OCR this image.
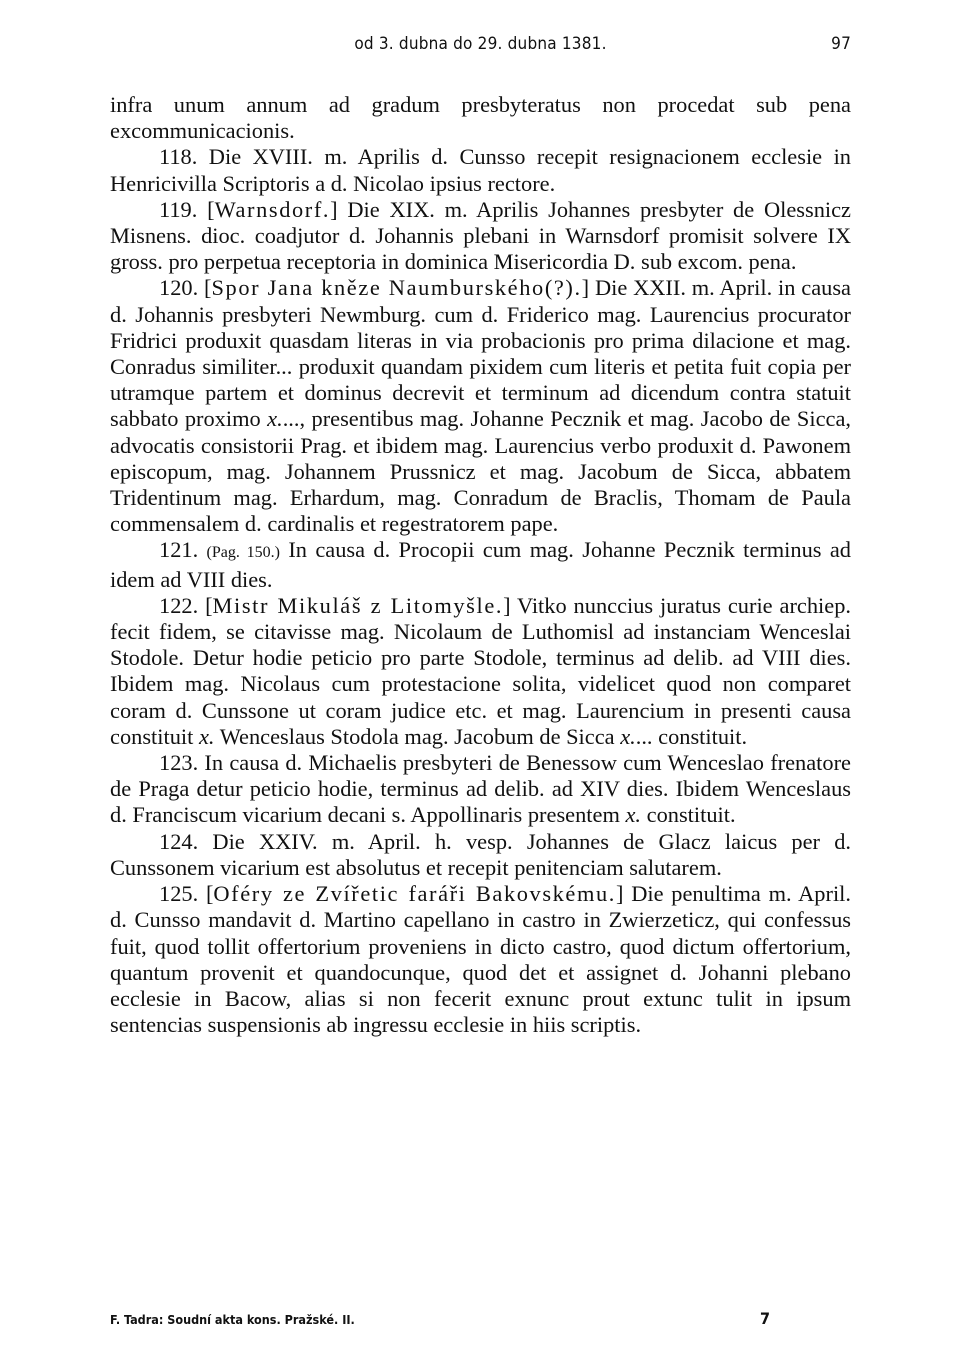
od 3. dubna do 29. dubna 1381.	97

infra unum annum ad gradum presbyteratus non procedat sub pena excommunicacionis.

118. Die XVIII. m. Aprilis d. Cunsso recepit resignacionem ecclesie in Henricivilla Scriptoris a d. Nicolao ipsius rectore.

119. [Warnsdorf.] Die XIX. m. Aprilis Johannes presbyter de Olessnicz Misnens. dioc. coadjutor d. Johannis plebani in Warnsdorf promisit solvere IX gross. pro perpetua receptoria in dominica Misericordia D. sub excom. pena.

120. [Spor Jana kněze Naumburského(?).] Die XXII. m. April. in causa d. Johannis presbyteri Newmburg. cum d. Friderico mag. Laurencius procurator Fridrici produxit quasdam literas in via probacionis pro prima dilacione et mag. Conradus similiter... produxit quandam pixidem cum literis et petita fuit copia per utramque partem et dominus decrevit et terminum ad dicendum contra statuit sabbato proximo x...., presentibus mag. Johanne Pecznik et mag. Jacobo de Sicca, advocatis consistorii Prag. et ibidem mag. Laurencius verbo produxit d. Pawonem episcopum, mag. Johannem Prussnicz et mag. Jacobum de Sicca, abbatem Tridentinum mag. Erhardum, mag. Conradum de Braclis, Thomam de Paula commensalem d. cardinalis et regestratorem pape.

121. (Pag. 150.) In causa d. Procopii cum mag. Johanne Pecznik terminus ad idem ad VIII dies.

122. [Mistr Mikuláš z Litomyšle.] Vitko nunccius juratus curie archiep. fecit fidem, se citavisse mag. Nicolaum de Luthomisl ad instanciam Wenceslai Stodole. Detur hodie peticio pro parte Stodole, terminus ad delib. ad VIII dies. Ibidem mag. Nicolaus cum protestacione solita, videlicet quod non comparet coram d. Cunssone ut coram judice etc. et mag. Laurencium in presenti causa constituit x. Wenceslaus Stodola mag. Jacobum de Sicca x.... constituit.

123. In causa d. Michaelis presbyteri de Benessow cum Wenceslao frenatore de Praga detur peticio hodie, terminus ad delib. ad XIV dies. Ibidem Wenceslaus d. Franciscum vicarium decani s. Appollinaris presentem x. constituit.

124. Die XXIV. m. April. h. vesp. Johannes de Glacz laicus per d. Cunssonem vicarium est absolutus et recepit penitenciam salutarem.

125. [Oféry ze Zvířetic faráři Bakovskému.] Die penultima m. April. d. Cunsso mandavit d. Martino capellano in castro in Zwierzeticz, qui confessus fuit, quod tollit offertorium proveniens in dicto castro, quod dictum offertorium, quantum provenit et quandocunque, quod det et assignet d. Johanni plebano ecclesie in Bacow, alias si non fecerit exnunc prout extunc tulit in ipsum sentencias suspensionis ab ingressu ecclesie in hiis scriptis.

F. Tadra: Soudní akta kons. Pražské. II.	7
